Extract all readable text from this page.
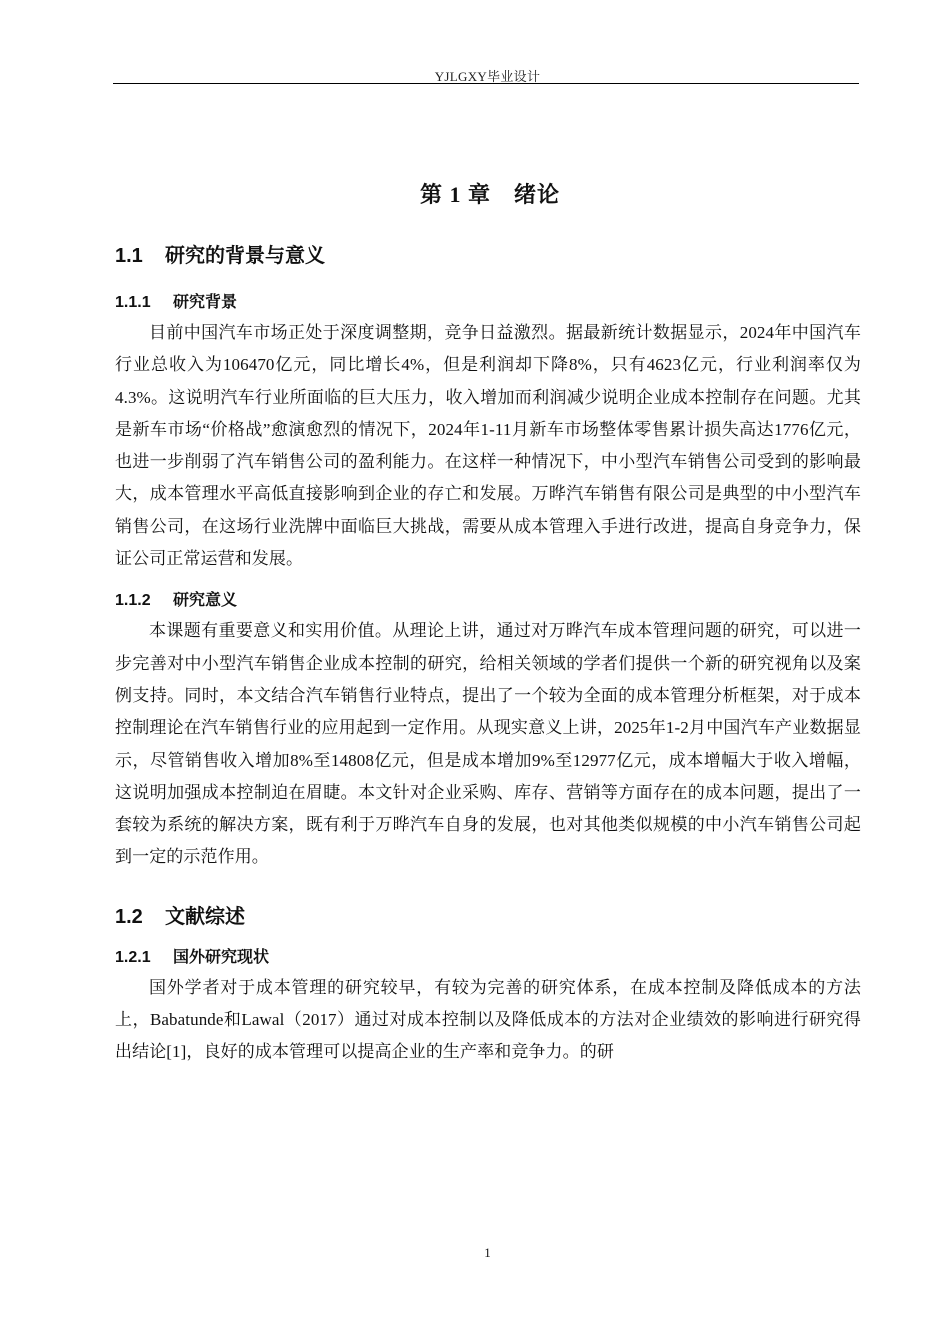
YJLGXY毕业设计
第 1 章　绪论
1.1 研究的背景与意义
1.1.1 研究背景

目前中国汽车市场正处于深度调整期，竞争日益激烈。据最新统计数据显示，2024年中国汽车行业总收入为106470亿元，同比增长4%，但是利润却下降8%，只有4623亿元，行业利润率仅为4.3%。这说明汽车行业所面临的巨大压力，收入增加而利润减少说明企业成本控制存在问题。尤其是新车市场“价格战”愈演愈烈的情况下，2024年1-11月新车市场整体零售累计损失高达1776亿元，也进一步削弱了汽车销售公司的盈利能力。在这样一种情况下，中小型汽车销售公司受到的影响最大，成本管理水平高低直接影响到企业的存亡和发展。万晔汽车销售有限公司是典型的中小型汽车销售公司，在这场行业洗牌中面临巨大挑战，需要从成本管理入手进行改进，提高自身竞争力，保证公司正常运营和发展。

1.1.2 研究意义

本课题有重要意义和实用价值。从理论上讲，通过对万晔汽车成本管理问题的研究，可以进一步完善对中小型汽车销售企业成本控制的研究，给相关领域的学者们提供一个新的研究视角以及案例支持。同时，本文结合汽车销售行业特点，提出了一个较为全面的成本管理分析框架，对于成本控制理论在汽车销售行业的应用起到一定作用。从现实意义上讲，2025年1-2月中国汽车产业数据显示，尽管销售收入增加8%至14808亿元，但是成本增加9%至12977亿元，成本增幅大于收入增幅，这说明加强成本控制迫在眉睫。本文针对企业采购、库存、营销等方面存在的成本问题，提出了一套较为系统的解决方案，既有利于万晔汽车自身的发展，也对其他类似规模的中小汽车销售公司起到一定的示范作用。

1.2 文献综述
1.2.1 国外研究现状

国外学者对于成本管理的研究较早，有较为完善的研究体系，在成本控制及降低成本的方法上，Babatunde和Lawal（2017）通过对成本控制以及降低成本的方法对企业绩效的影响进行研究得出结论[1]，良好的成本管理可以提高企业的生产率和竞争力。的研

1
